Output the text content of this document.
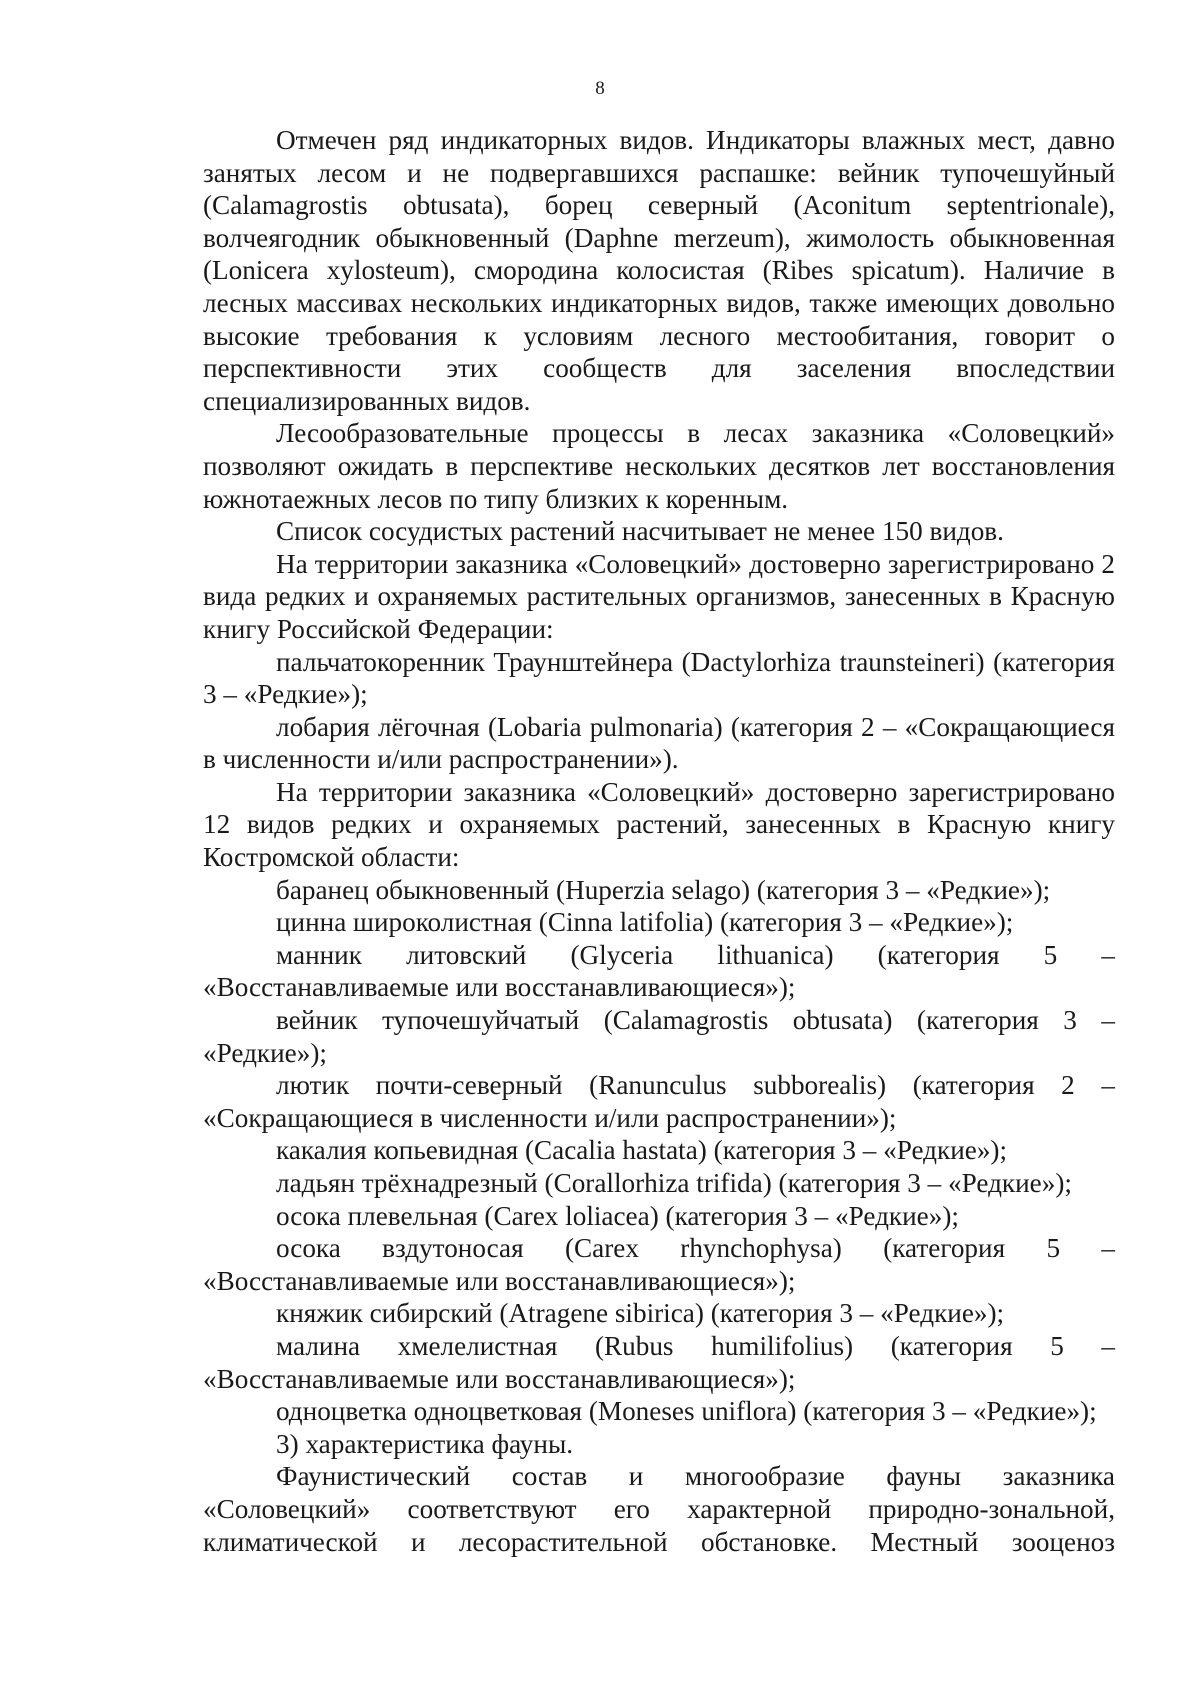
8

Отмечен ряд индикаторных видов. Индикаторы влажных мест, давно занятых лесом и не подвергавшихся распашке: вейник тупочешуйный (Calamagrostis obtusata), борец северный (Aconitum septentrionale), волчеягодник обыкновенный (Daphne merzeum), жимолость обыкновенная (Lonicera xylosteum), смородина колосистая (Ribes spicatum). Наличие в лесных массивах нескольких индикаторных видов, также имеющих довольно высокие требования к условиям лесного местообитания, говорит о перспективности этих сообществ для заселения впоследствии специализированных видов.

Лесообразовательные процессы в лесах заказника «Соловецкий» позволяют ожидать в перспективе нескольких десятков лет восстановления южнотаежных лесов по типу близких к коренным.

Список сосудистых растений насчитывает не менее 150 видов.

На территории заказника «Соловецкий» достоверно зарегистрировано 2 вида редких и охраняемых растительных организмов, занесенных в Красную книгу Российской Федерации:

пальчатокоренник Траунштейнера (Dactylorhiza traunsteineri) (категория 3 – «Редкие»);

лобария лёгочная (Lobaria pulmonaria) (категория 2 – «Сокращающиеся в численности и/или распространении»).

На территории заказника «Соловецкий» достоверно зарегистрировано 12 видов редких и охраняемых растений, занесенных в Красную книгу Костромской области:

баранец обыкновенный (Huperzia selago) (категория 3 – «Редкие»);

цинна широколистная (Cinna latifolia) (категория 3 – «Редкие»);

манник литовский (Glyceria lithuanica) (категория 5 – «Восстанавливаемые или восстанавливающиеся»);

вейник тупочешуйчатый (Calamagrostis obtusata) (категория 3 – «Редкие»);

лютик почти-северный (Ranunculus subborealis) (категория 2 – «Сокращающиеся в численности и/или распространении»);

какалия копьевидная (Cacalia hastata) (категория 3 – «Редкие»);

ладьян трёхнадрезный (Corallorhiza trifida) (категория 3 – «Редкие»);

осока плевельная (Carex loliacea) (категория 3 – «Редкие»);

осока вздутоносая (Carex rhynchophysa) (категория 5 – «Восстанавливаемые или восстанавливающиеся»);

княжик сибирский (Atragene sibirica) (категория 3 – «Редкие»);

малина хмелелистная (Rubus humilifolius) (категория 5 – «Восстанавливаемые или восстанавливающиеся»);

одноцветка одноцветковая (Moneses uniflora) (категория 3 – «Редкие»);

3) характеристика фауны.

Фаунистический состав и многообразие фауны заказника «Соловецкий» соответствуют его характерной природно-зональной, климатической и лесорастительной обстановке. Местный зооценоз
